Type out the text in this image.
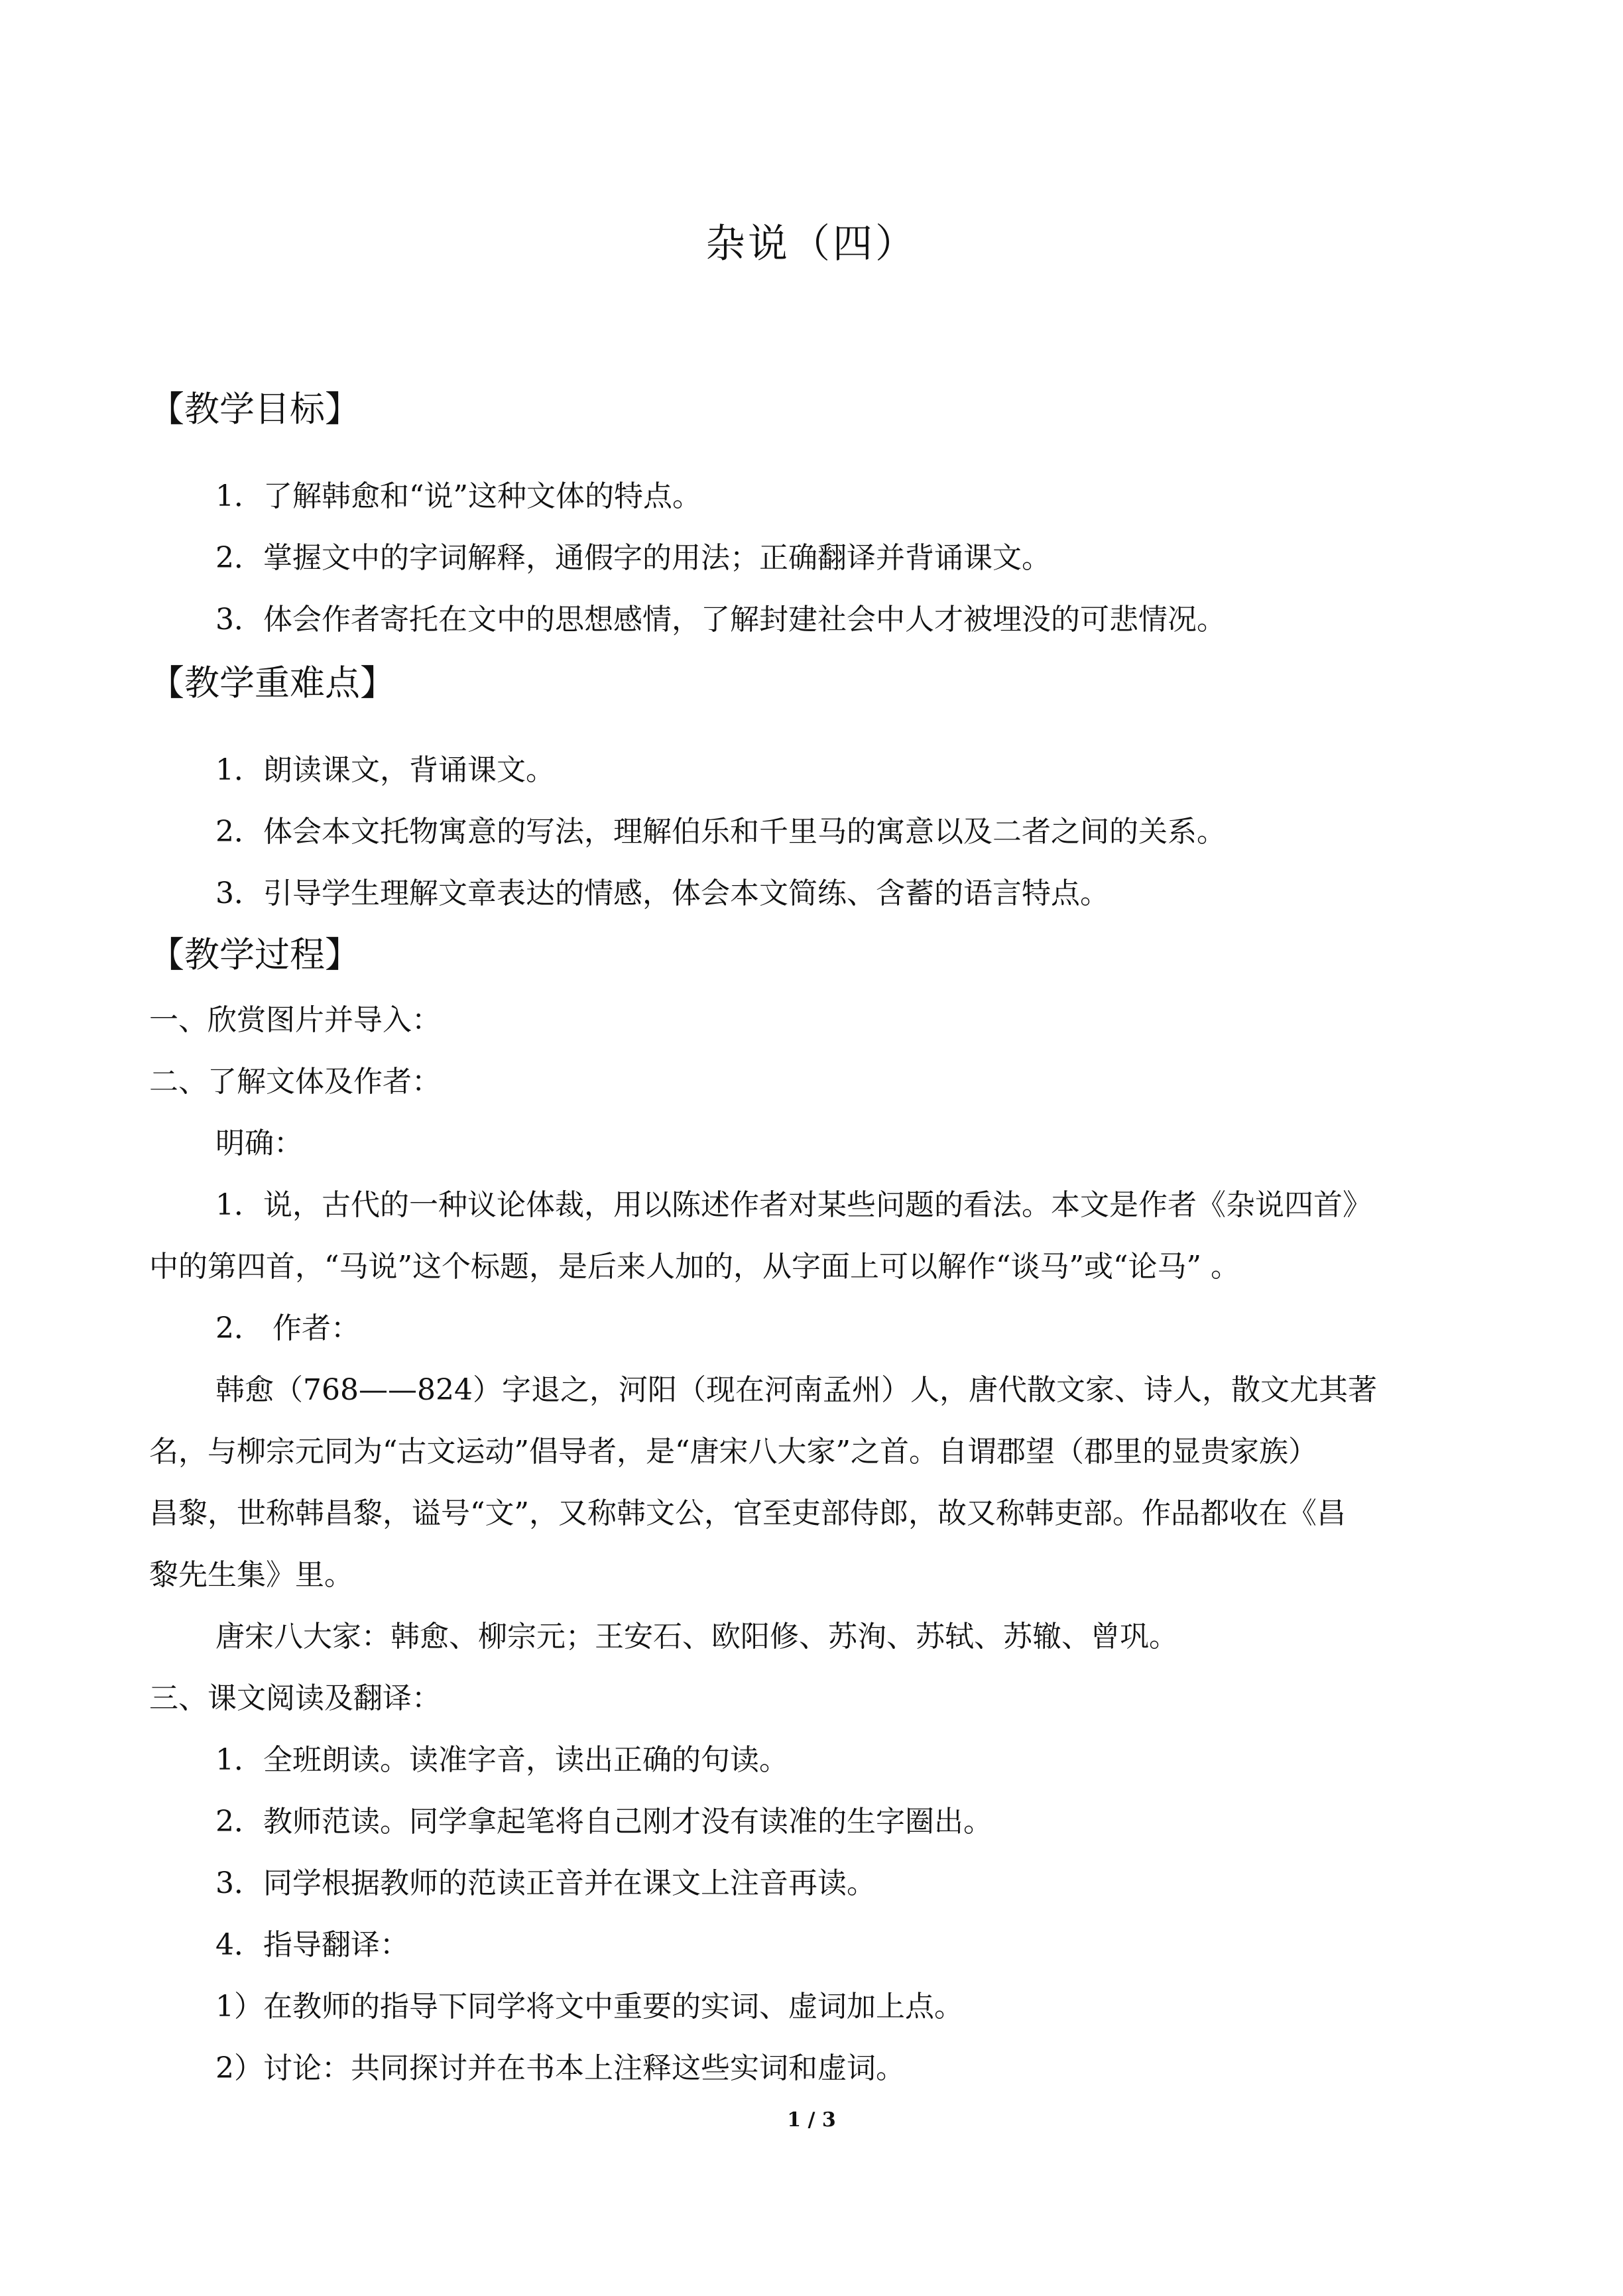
杂说（四）
【教学目标】
1．了解韩愈和“说”这种文体的特点。
2．掌握文中的字词解释，通假字的用法；正确翻译并背诵课文。
3．体会作者寄托在文中的思想感情，了解封建社会中人才被埋没的可悲情况。
【教学重难点】
1．朗读课文，背诵课文。
2．体会本文托物寓意的写法，理解伯乐和千里马的寓意以及二者之间的关系。
3．引导学生理解文章表达的情感，体会本文简练、含蓄的语言特点。
【教学过程】
一、欣赏图片并导入：
二、了解文体及作者：
明确：
1．说，古代的一种议论体裁，用以陈述作者对某些问题的看法。本文是作者《杂说四首》
中的第四首，“马说”这个标题，是后来人加的，从字面上可以解作“谈马”或“论马” 。
2． 作者：
韩愈（768——824）字退之，河阳（现在河南孟州）人，唐代散文家、诗人，散文尤其著
名，与柳宗元同为“古文运动”倡导者，是“唐宋八大家”之首。自谓郡望（郡里的显贵家族）
昌黎，世称韩昌黎，谥号“文”，又称韩文公，官至吏部侍郎，故又称韩吏部。作品都收在《昌
黎先生集》里。
唐宋八大家：韩愈、柳宗元；王安石、欧阳修、苏洵、苏轼、苏辙、曾巩。
三、课文阅读及翻译：
1．全班朗读。读准字音，读出正确的句读。
2．教师范读。同学拿起笔将自己刚才没有读准的生字圈出。
3．同学根据教师的范读正音并在课文上注音再读。
4．指导翻译：
1）在教师的指导下同学将文中重要的实词、虚词加上点。
2）讨论：共同探讨并在书本上注释这些实词和虚词。
1 / 3
